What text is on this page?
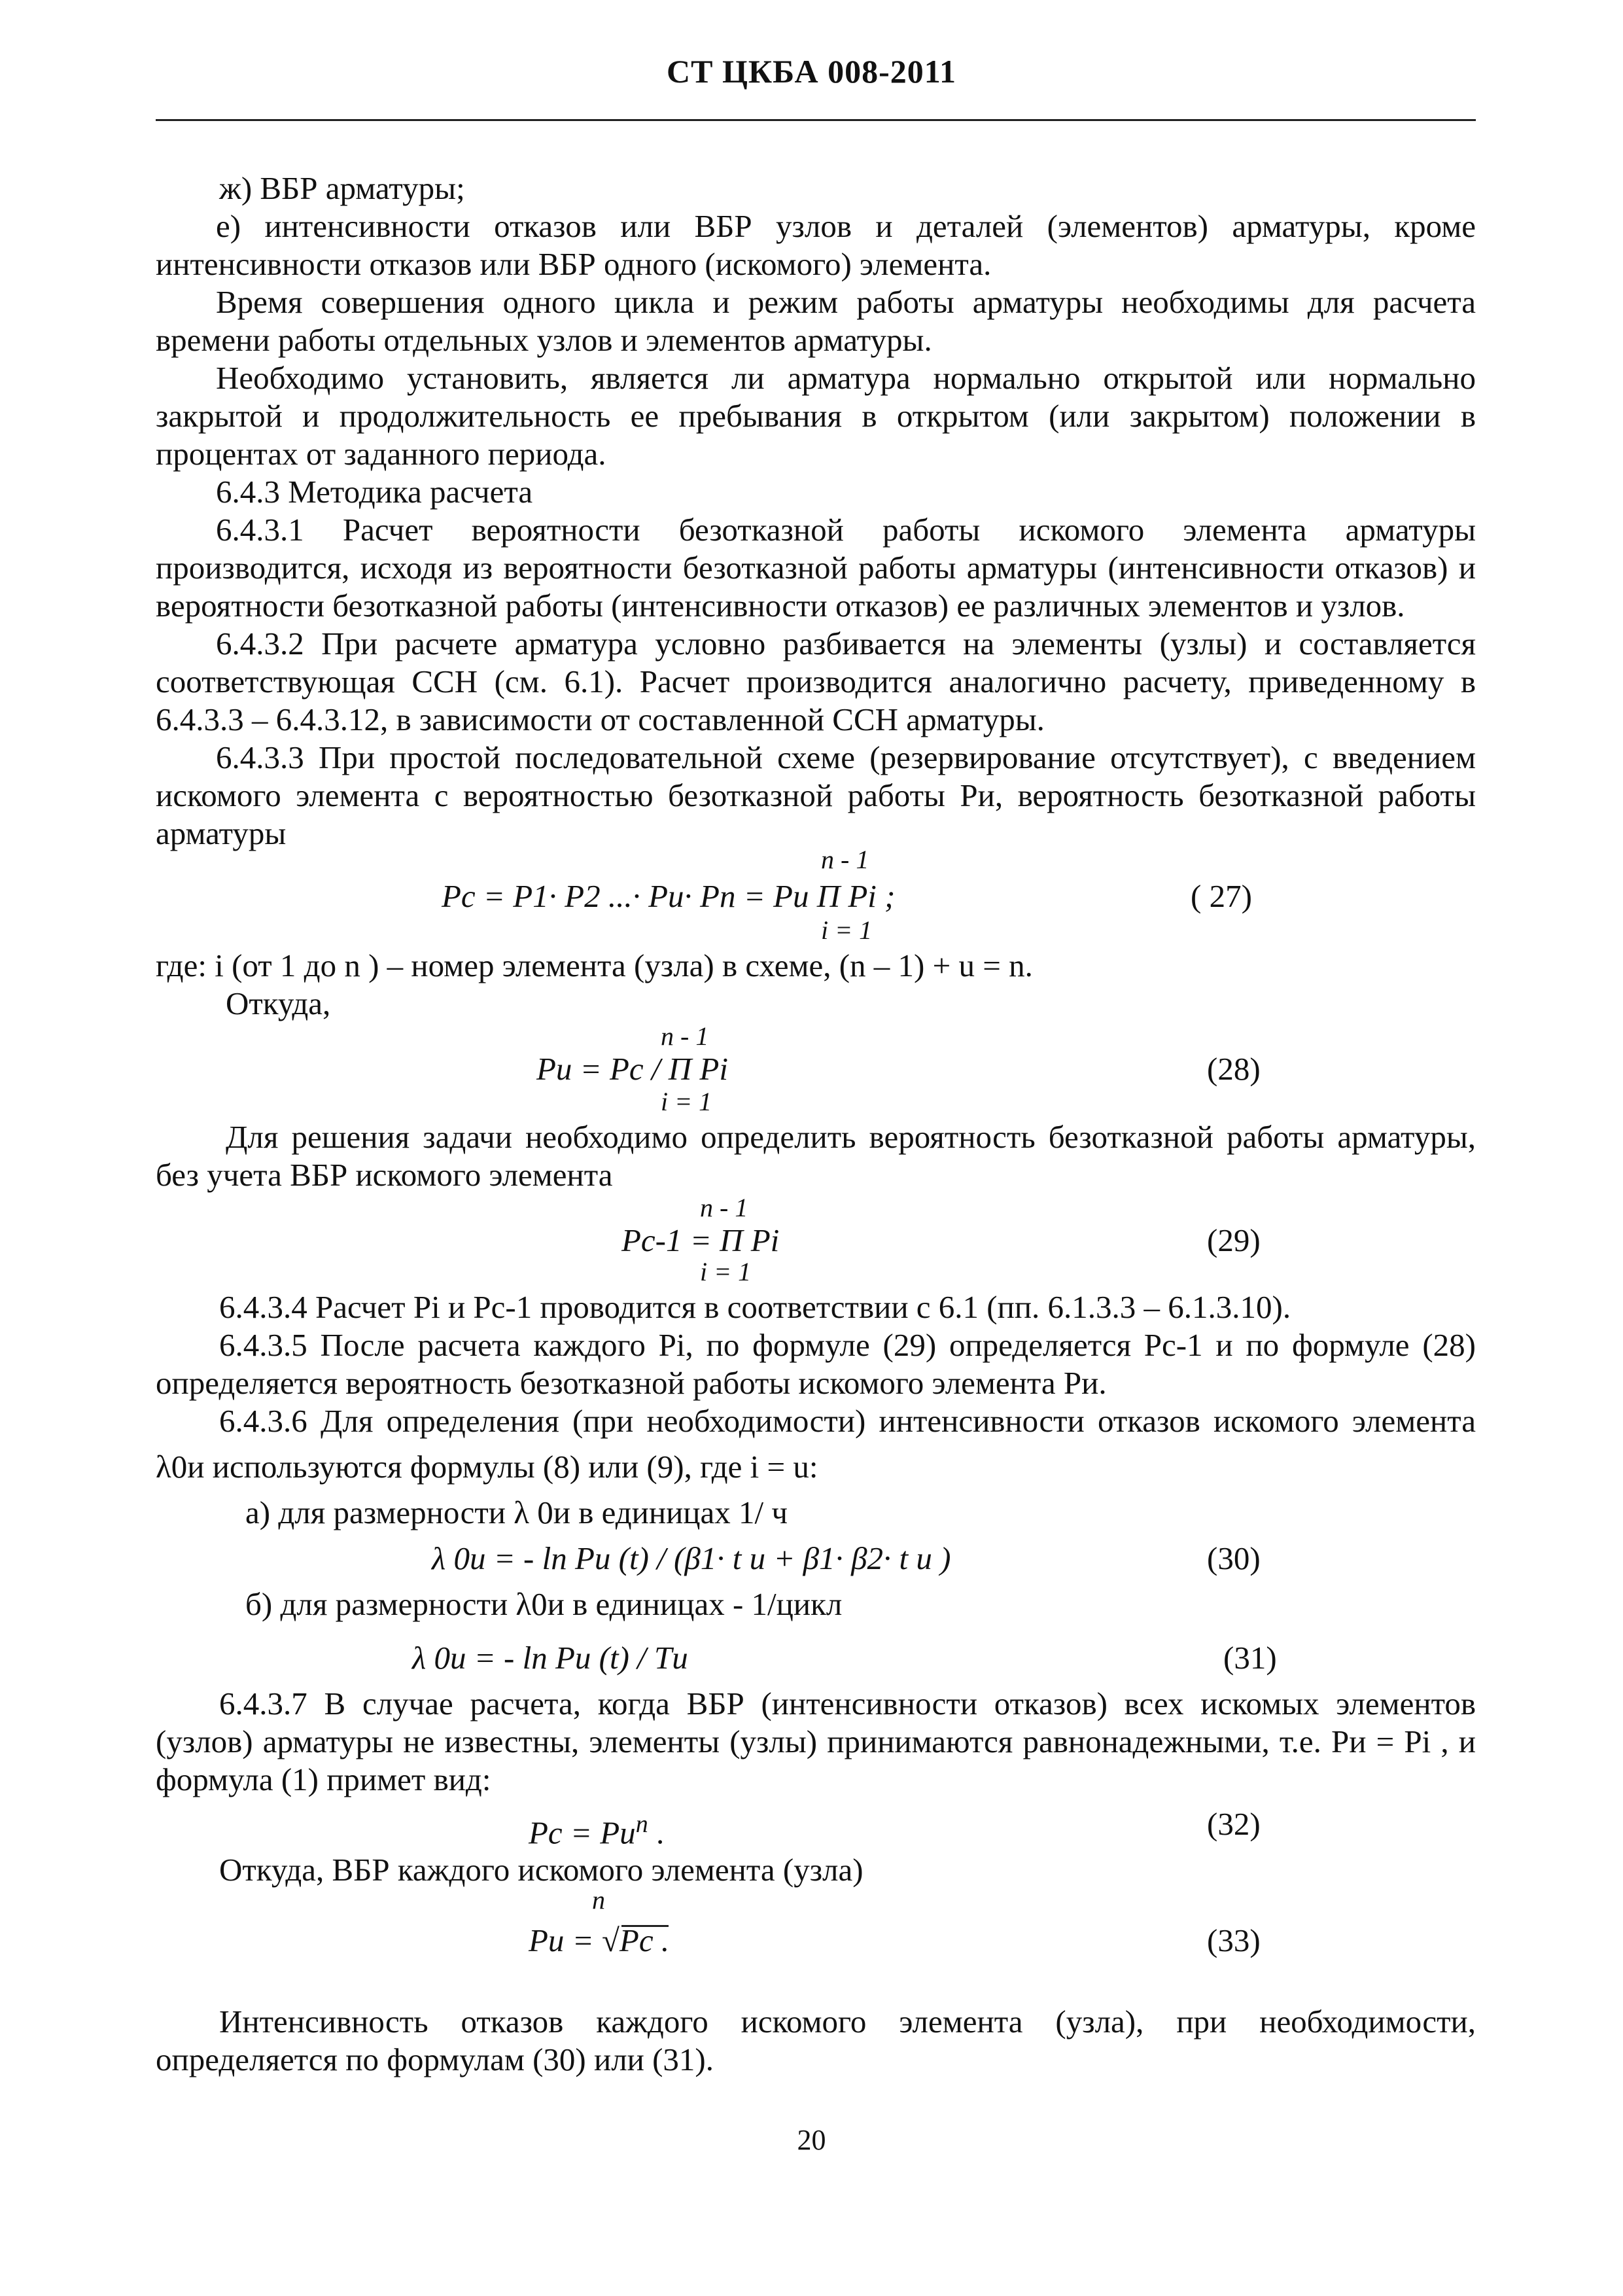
СТ ЦКБА 008-2011
ж) ВБР арматуры;
е) интенсивности отказов или ВБР узлов и деталей (элементов) арматуры, кроме
интенсивности отказов или ВБР одного (искомого) элемента.
Время совершения одного цикла и режим работы арматуры необходимы для расчета
времени работы отдельных узлов и элементов арматуры.
Необходимо установить, является ли арматура нормально открытой или нормально
закрытой и продолжительность ее пребывания в открытом (или закрытом) положении в
процентах от заданного периода.
6.4.3 Методика расчета
6.4.3.1 Расчет вероятности безотказной работы искомого элемента арматуры
производится, исходя из вероятности безотказной работы арматуры (интенсивности отказов) и
вероятности безотказной работы (интенсивности отказов) ее различных элементов и узлов.
6.4.3.2 При расчете арматура условно разбивается на элементы (узлы) и составляется
соответствующая ССН (см. 6.1). Расчет производится аналогично расчету, приведенному в
6.4.3.3 – 6.4.3.12, в зависимости от составленной ССН арматуры.
6.4.3.3 При простой последовательной схеме (резервирование отсутствует), с введением
искомого элемента с вероятностью безотказной работы Ри, вероятность безотказной работы
арматуры
n - 1
Pc = P1· P2 ...· Pu· Pn = Pu П Pi ;
i = 1
( 27)
где: i (от 1 до n ) – номер элемента (узла) в схеме, (n – 1) + u = n.
Откуда,
n - 1
Pu = Pc / П Pi
i = 1
(28)
Для решения задачи необходимо определить вероятность безотказной работы арматуры,
без учета ВБР искомого элемента
n - 1
Pc-1 = П Pi
i = 1
(29)
6.4.3.4 Расчет Pi и Pc-1 проводится в соответствии с 6.1 (пп. 6.1.3.3 – 6.1.3.10).
6.4.3.5 После расчета каждого Pi, по формуле (29) определяется Pc-1 и по формуле (28)
определяется вероятность безотказной работы искомого элемента Pи.
6.4.3.6 Для определения (при необходимости) интенсивности отказов искомого элемента
λ0и используются формулы (8) или (9), где i = u:
а) для размерности λ 0и в единицах 1/ ч
λ 0и = - ln Pи (t) / (β1· t и + β1· β2· t и )	(30)
б) для размерности λ0и в единицах - 1/цикл
λ 0и = - ln Pи (t) / Tи	(31)
6.4.3.7 В случае расчета, когда ВБР (интенсивности отказов) всех искомых элементов
(узлов) арматуры не известны, элементы (узлы) принимаются равнонадежными, т.е. Pи = Pi , и
формула (1) примет вид:
$Pc = Pи^n$ .	(32)
Откуда, ВБР каждого искомого элемента (узла)
n
Pи = √Pc .	(33)
Интенсивность отказов каждого искомого элемента (узла), при необходимости,
определяется по формулам (30) или (31).
20
